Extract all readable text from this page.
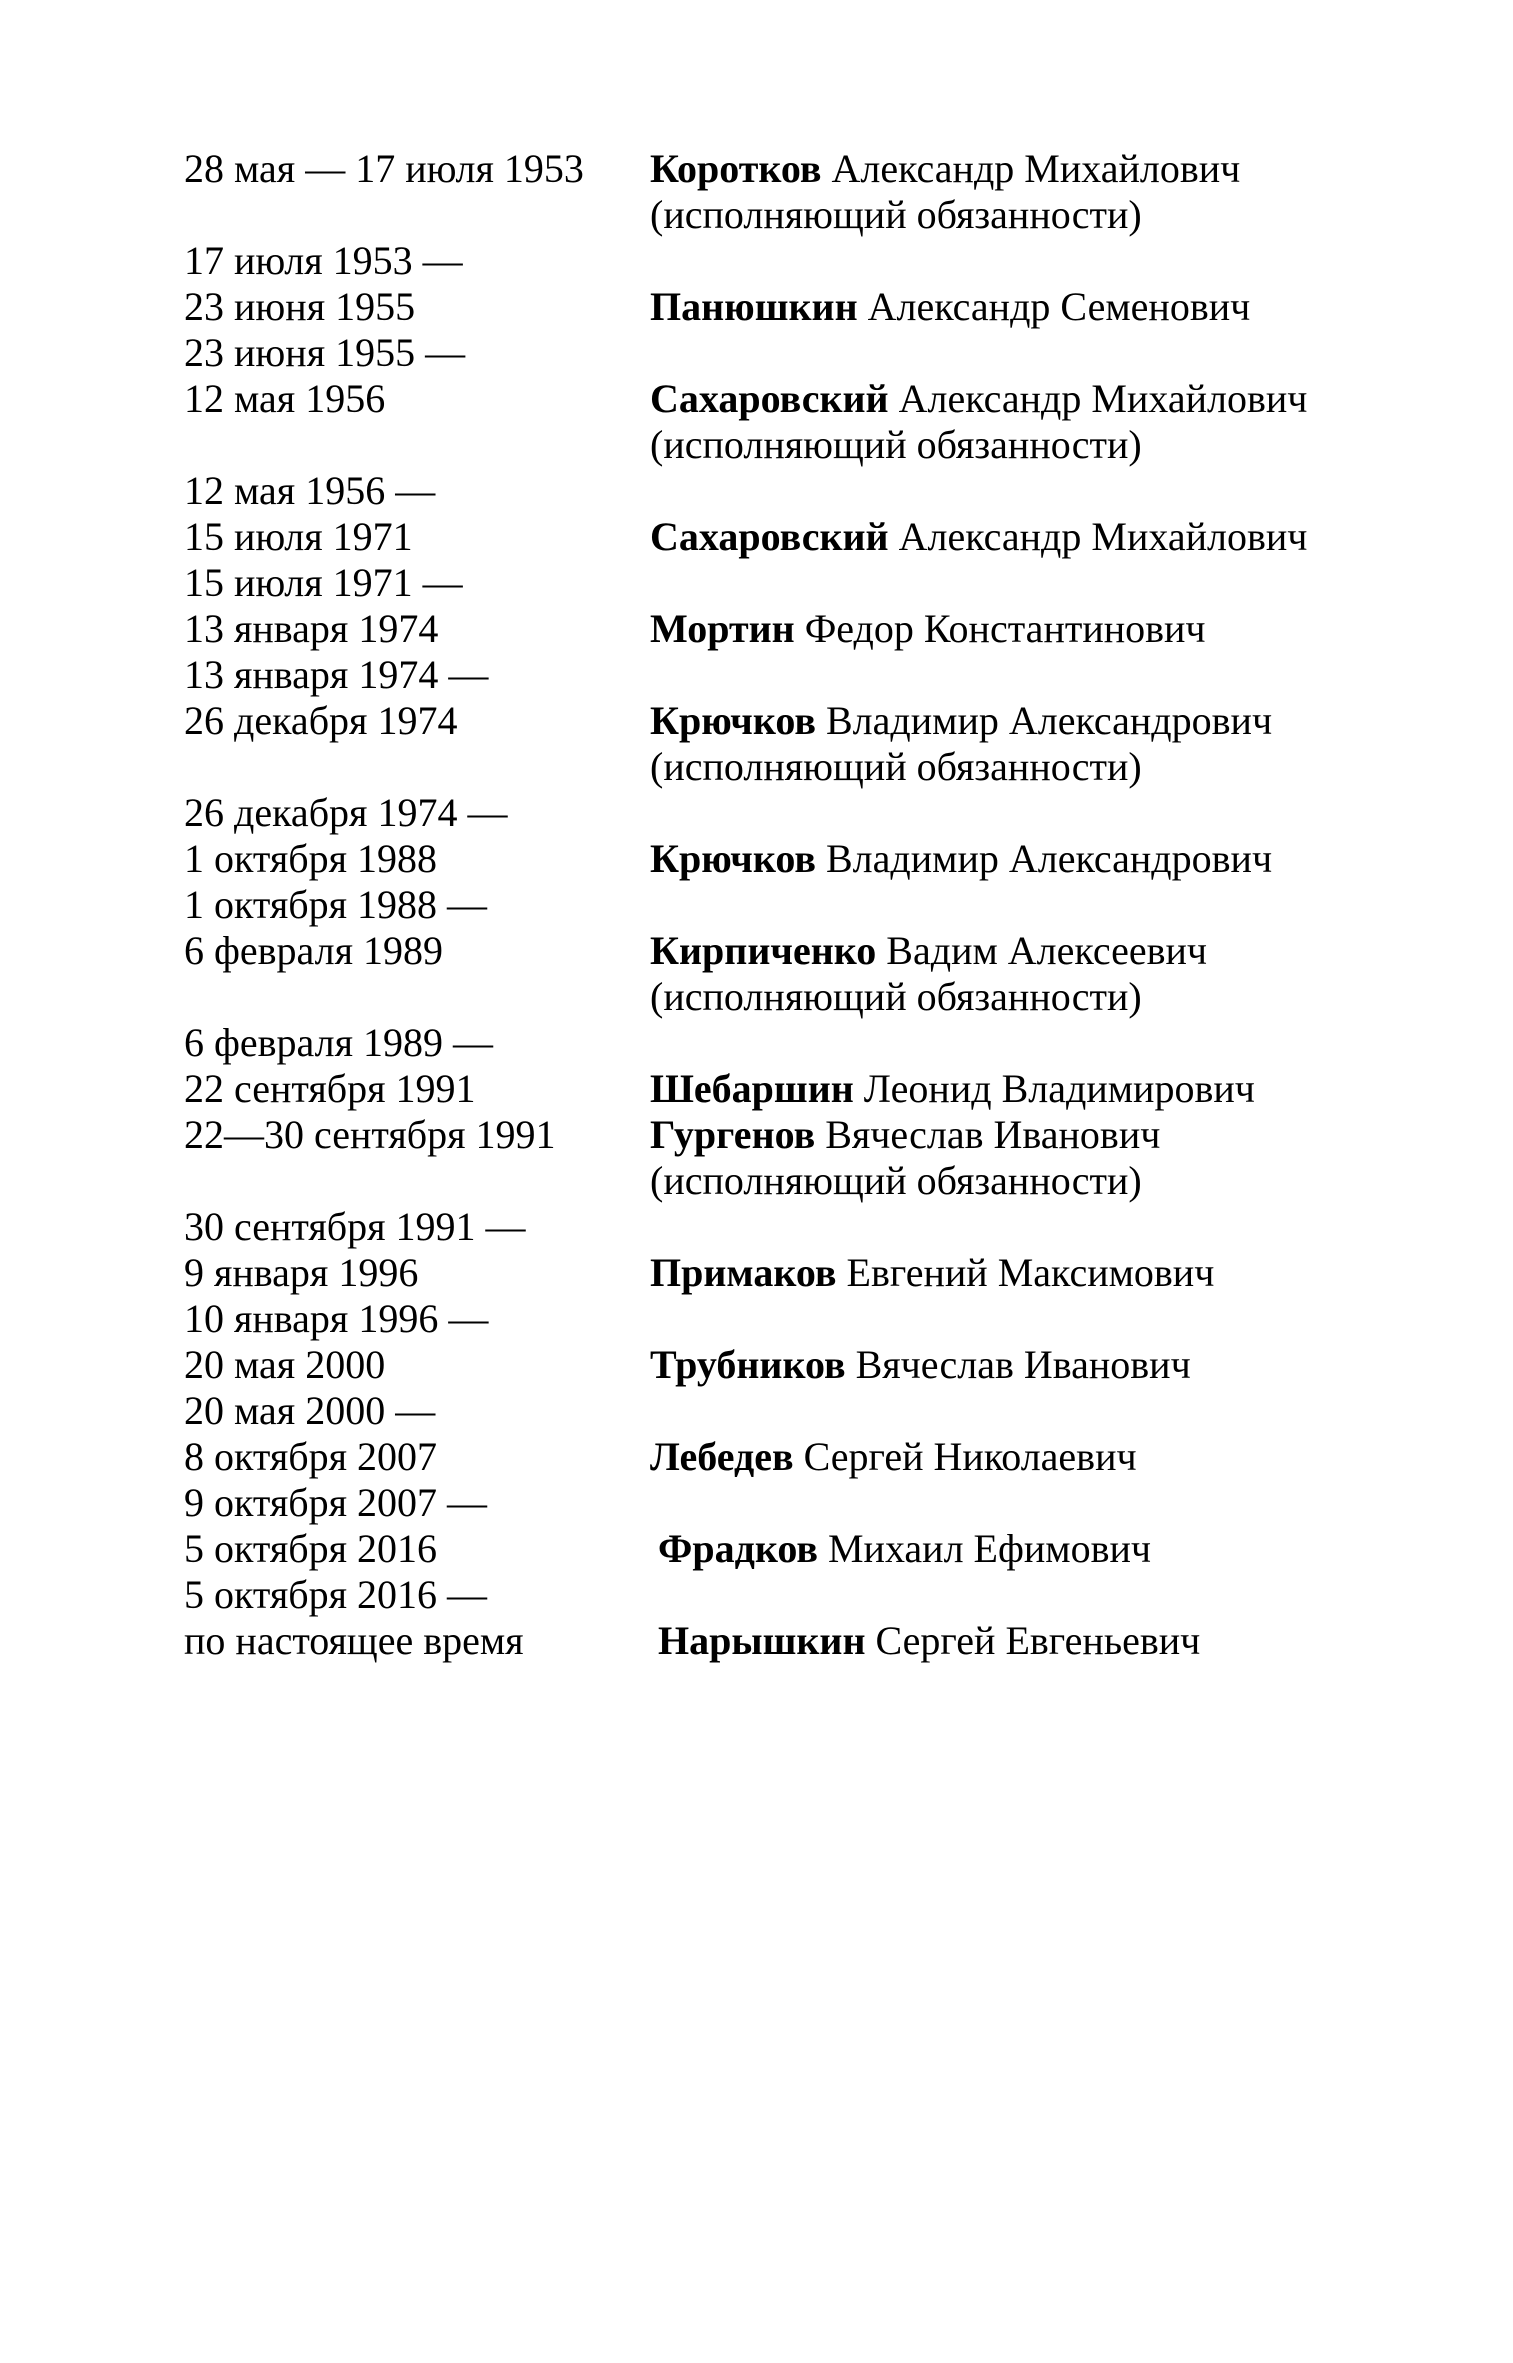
28 мая — 17 июля 1953	Коротков Александр Михайлович
(исполняющий обязанности)
17 июля 1953 —
23 июня 1955	Панюшкин Александр Семенович
23 июня 1955 —
12 мая 1956	Сахаровский Александр Михайлович
(исполняющий обязанности)
12 мая 1956 —
15 июля 1971	Сахаровский Александр Михайлович
15 июля 1971 —
13 января 1974	Мортин Федор Константинович
13 января 1974 —
26 декабря 1974	Крючков Владимир Александрович
(исполняющий обязанности)
26 декабря 1974 —
1 октября 1988	Крючков Владимир Александрович
1 октября 1988 —
6 февраля 1989	Кирпиченко Вадим Алексеевич
(исполняющий обязанности)
6 февраля 1989 —
22 сентября 1991	Шебаршин Леонид Владимирович
22—30 сентября 1991	Гургенов Вячеслав Иванович
(исполняющий обязанности)
30 сентября 1991 —
9 января 1996	Примаков Евгений Максимович
10 января 1996 —
20 мая 2000	Трубников Вячеслав Иванович
20 мая 2000 —
8 октября 2007	Лебедев Сергей Николаевич
9 октября 2007 —
5 октября 2016	Фрадков Михаил Ефимович
5 октября 2016 —
по настоящее время	Нарышкин Сергей Евгеньевич
